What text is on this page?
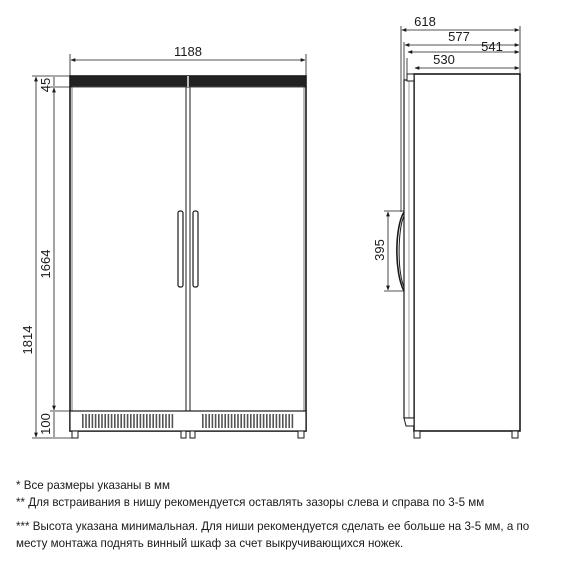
1188
1814
45
1664
100
395
618
577
541
530

* Все размеры указаны в мм

** Для встраивания в нишу рекомендуется оставлять зазоры слева и справа по 3-5 мм

*** Высота указана минимальная. Для ниши рекомендуется сделать ее больше на 3-5 мм, а по месту монтажа поднять винный шкаф за счет выкручивающихся ножек.
